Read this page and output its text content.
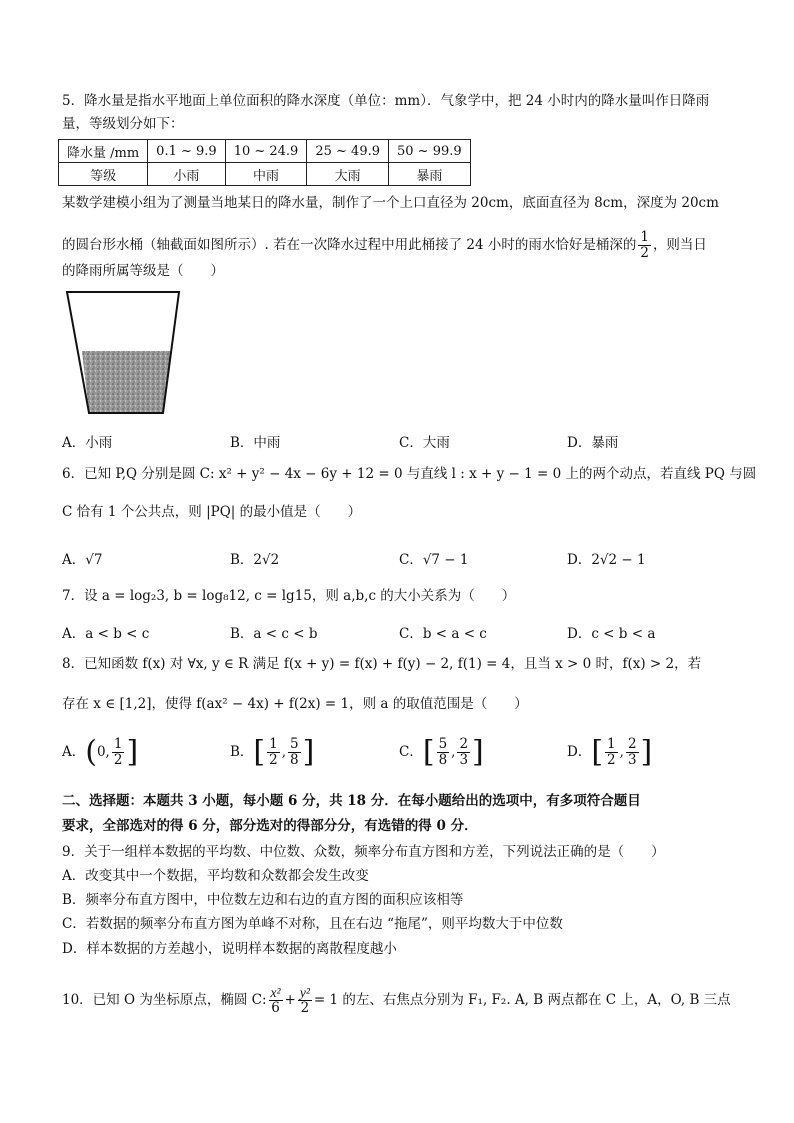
5．降水量是指水平地面上单位面积的降水深度（单位：mm）．气象学中，把 24 小时内的降水量叫作日降雨
量，等级划分如下：
降水量 /mm	0.1 ~ 9.9	10 ~ 24.9	25 ~ 49.9	50 ~ 99.9
等级	小雨	中雨	大雨	暴雨
某数学建模小组为了测量当地某日的降水量，制作了一个上口直径为 20cm，底面直径为 8cm，深度为 20cm
的圆台形水桶（轴截面如图所示）. 若在一次降水过程中用此桶接了 24 小时的雨水恰好是桶深的 $\frac{1}{2}$ ，则当日
的降雨所属等级是（　　）
A．小雨	B．中雨	C．大雨	D．暴雨
6．已知 P,Q 分别是圆 C: x² + y² − 4x − 6y + 12 = 0 与直线 l : x + y − 1 = 0 上的两个动点，若直线 PQ 与圆
C 恰有 1 个公共点，则 |PQ| 的最小值是（　　）
A．√7	B．2√2	C．√7 − 1	D．2√2 − 1
7．设 a = log₂3, b = log₈12, c = lg15，则 a,b,c 的大小关系为（　　）
A．a < b < c	B．a < c < b	C．b < a < c	D．c < b < a
8．已知函数 f(x) 对 ∀x, y ∈ R 满足 f(x + y) = f(x) + f(y) − 2, f(1) = 4，且当 x > 0 时，f(x) > 2，若
存在 x ∈ [1,2]，使得 f(ax² − 4x) + f(2x) = 1，则 a 的取值范围是（　　）
A．(0, $\frac{1}{2}$ ]	B．[ $\frac{1}{2}$ , $\frac{5}{8}$ ]	C．[ $\frac{5}{8}$ , $\frac{2}{3}$ ]	D．[ $\frac{1}{2}$ , $\frac{2}{3}$ ]
二、选择题：本题共 3 小题，每小题 6 分，共 18 分．在每小题给出的选项中，有多项符合题目
要求，全部选对的得 6 分，部分选对的得部分分，有选错的得 0 分．
9．关于一组样本数据的平均数、中位数、众数，频率分布直方图和方差，下列说法正确的是（　　）
A．改变其中一个数据，平均数和众数都会发生改变
B．频率分布直方图中，中位数左边和右边的直方图的面积应该相等
C．若数据的频率分布直方图为单峰不对称，且在右边 “拖尾”，则平均数大于中位数
D．样本数据的方差越小，说明样本数据的离散程度越小
10．已知 O 为坐标原点，椭圆 C: $\frac{\text{x²}}{6} + \frac{\text{y²}}{2} = 1$ 的左、右焦点分别为 F₁, F₂. A, B 两点都在 C 上，A，O, B 三点
